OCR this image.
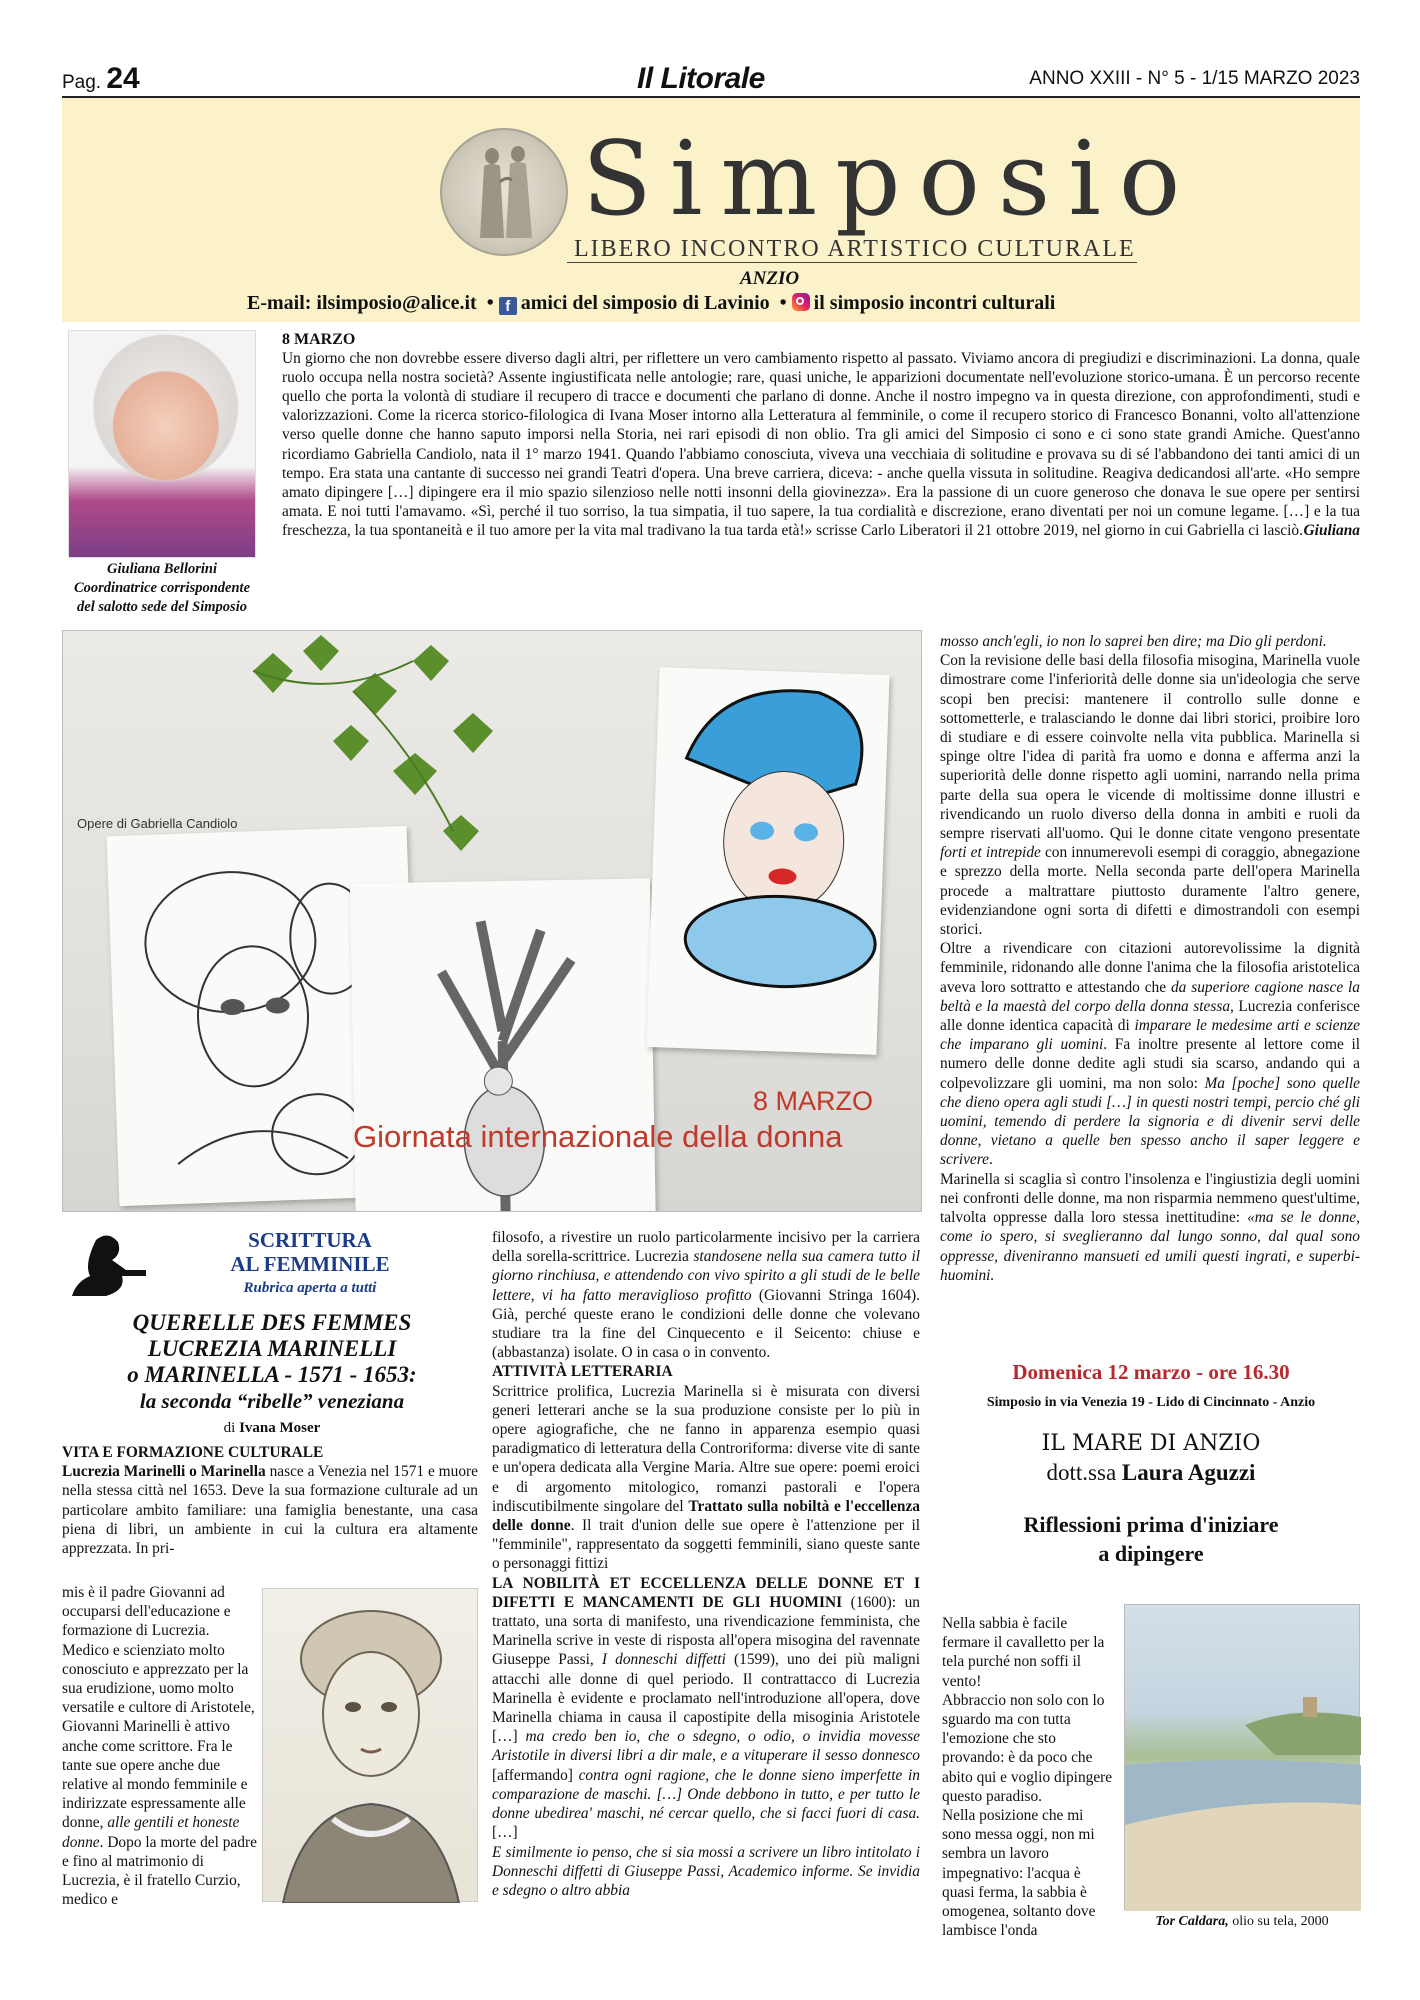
Pag. 24	Il Litorale	ANNO XXIII - N° 5 - 1/15 MARZO 2023
Simposio
LIBERO INCONTRO ARTISTICO CULTURALE
ANZIO
E-mail: ilsimposio@alice.it  • f amici del simposio di Lavinio  • il simposio incontri culturali
Giuliana Bellorini
Coordinatrice corrispondente
del salotto sede del Simposio
8 MARZO
Un giorno che non dovrebbe essere diverso dagli altri, per riflettere un vero cambiamento rispetto al passato. Viviamo ancora di pregiudizi e discriminazioni. La donna, quale ruolo occupa nella nostra società? Assente ingiustificata nelle antologie; rare, quasi uniche, le apparizioni documentate nell'evoluzione storico-umana. È un percorso recente quello che porta la volontà di studiare il recupero di tracce e documenti che parlano di donne. Anche il nostro impegno va in questa direzione, con approfondimenti, studi e valorizzazioni. Come la ricerca storico-filologica di Ivana Moser intorno alla Letteratura al femminile, o come il recupero storico di Francesco Bonanni, volto all'attenzione verso quelle donne che hanno saputo imporsi nella Storia, nei rari episodi di non oblio. Tra gli amici del Simposio ci sono e ci sono state grandi Amiche. Quest'anno ricordiamo Gabriella Candiolo, nata il 1° marzo 1941. Quando l'abbiamo conosciuta, viveva una vecchiaia di solitudine e provava su di sé l'abbandono dei tanti amici di un tempo. Era stata una cantante di successo nei grandi Teatri d'opera. Una breve carriera, diceva: - anche quella vissuta in solitudine. Reagiva dedicandosi all'arte. «Ho sempre amato dipingere […] dipingere era il mio spazio silenzioso nelle notti insonni della giovinezza». Era la passione di un cuore generoso che donava le sue opere per sentirsi amata. E noi tutti l'amavamo. «Sì, perché il tuo sorriso, la tua simpatia, il tuo sapere, la tua cordialità e discrezione, erano diventati per noi un comune legame. […] e la tua freschezza, la tua spontaneità e il tuo amore per la vita mal tradivano la tua tarda età!» scrisse Carlo Liberatori il 21 ottobre 2019, nel giorno in cui Gabriella ci lasciò. Giuliana
Opere di Gabriella Candiolo
8 MARZO
Giornata internazionale della donna
mosso anch'egli, io non lo saprei ben dire; ma Dio gli perdoni.
Con la revisione delle basi della filosofia misogina, Marinella vuole dimostrare come l'inferiorità delle donne sia un'ideologia che serve scopi ben precisi: mantenere il controllo sulle donne e sottometterle, e tralasciando le donne dai libri storici, proibire loro di studiare e di essere coinvolte nella vita pubblica. Marinella si spinge oltre l'idea di parità fra uomo e donna e afferma anzi la superiorità delle donne rispetto agli uomini, narrando nella prima parte della sua opera le vicende di moltissime donne illustri e rivendicando un ruolo diverso della donna in ambiti e ruoli da sempre riservati all'uomo. Qui le donne citate vengono presentate forti et intrepide con innumerevoli esempi di coraggio, abnegazione e sprezzo della morte. Nella seconda parte dell'opera Marinella procede a maltrattare piuttosto duramente l'altro genere, evidenziandone ogni sorta di difetti e dimostrandoli con esempi storici.
Oltre a rivendicare con citazioni autorevolissime la dignità femminile, ridonando alle donne l'anima che la filosofia aristotelica aveva loro sottratto e attestando che da superiore cagione nasce la beltà e la maestà del corpo della donna stessa, Lucrezia conferisce alle donne identica capacità di imparare le medesime arti e scienze che imparano gli uomini. Fa inoltre presente al lettore come il numero delle donne dedite agli studi sia scarso, andando qui a colpevolizzare gli uomini, ma non solo: Ma [poche] sono quelle che dieno opera agli studi […] in questi nostri tempi, percio ché gli uomini, temendo di perdere la signoria e di divenir servi delle donne, vietano a quelle ben spesso ancho il saper leggere e scrivere.
Marinella si scaglia sì contro l'insolenza e l'ingiustizia degli uomini nei confronti delle donne, ma non risparmia nemmeno quest'ultime, talvolta oppresse dalla loro stessa inettitudine: «ma se le donne, come io spero, si sveglieranno dal lungo sonno, dal qual sono oppresse, diveniranno mansueti ed umili questi ingrati, e superbi-huomini.
SCRITTURA
AL FEMMINILE
Rubrica aperta a tutti
QUERELLE DES FEMMES
LUCREZIA MARINELLI
o MARINELLA - 1571 - 1653:
la seconda “ribelle” veneziana
di Ivana Moser
VITA E FORMAZIONE CULTURALE
Lucrezia Marinelli o Marinella nasce a Venezia nel 1571 e muore nella stessa città nel 1653. Deve la sua formazione culturale ad un particolare ambito familiare: una famiglia benestante, una casa piena di libri, un ambiente in cui la cultura era altamente apprezzata. In pri-
mis è il padre Giovanni ad occuparsi dell'educazione e formazione di Lucrezia. Medico e scienziato molto conosciuto e apprezzato per la sua erudizione, uomo molto versatile e cultore di Aristotele, Giovanni Marinelli è attivo anche come scrittore. Fra le tante sue opere anche due relative al mondo femminile e indirizzate espressamente alle donne, alle gentili et honeste donne. Dopo la morte del padre e fino al matrimonio di Lucrezia, è il fratello Curzio, medico e
filosofo, a rivestire un ruolo particolarmente incisivo per la carriera della sorella-scrittrice. Lucrezia standosene nella sua camera tutto il giorno rinchiusa, e attendendo con vivo spirito a gli studi de le belle lettere, vi ha fatto meraviglioso profitto (Giovanni Stringa 1604). Già, perché queste erano le condizioni delle donne che volevano studiare tra la fine del Cinquecento e il Seicento: chiuse e (abbastanza) isolate. O in casa o in convento.
ATTIVITÀ LETTERARIA
Scrittrice prolifica, Lucrezia Marinella si è misurata con diversi generi letterari anche se la sua produzione consiste per lo più in opere agiografiche, che ne fanno in apparenza esempio quasi paradigmatico di letteratura della Controriforma: diverse vite di sante e un'opera dedicata alla Vergine Maria. Altre sue opere: poemi eroici e di argomento mitologico, romanzi pastorali e l'opera indiscutibilmente singolare del Trattato sulla nobiltà e l'eccellenza delle donne. Il trait d'union delle sue opere è l'attenzione per il "femminile", rappresentato da soggetti femminili, siano queste sante o personaggi fittizi
LA NOBILITÀ ET ECCELLENZA DELLE DONNE ET I DIFETTI E MANCAMENTI DE GLI HUOMINI (1600): un trattato, una sorta di manifesto, una rivendicazione femminista, che Marinella scrive in veste di risposta all'opera misogina del ravennate Giuseppe Passi, I donneschi diffetti (1599), uno dei più maligni attacchi alle donne di quel periodo. Il contrattacco di Lucrezia Marinella è evidente e proclamato nell'introduzione all'opera, dove Marinella chiama in causa il capostipite della misoginia Aristotele […] ma credo ben io, che o sdegno, o odio, o invidia movesse Aristotile in diversi libri a dir male, e a vituperare il sesso donnesco [affermando] contra ogni ragione, che le donne sieno imperfette in comparazione de maschi. […] Onde debbono in tutto, e per tutto le donne ubedirea' maschi, né cercar quello, che si facci fuori di casa. […]
E similmente io penso, che si sia mossi a scrivere un libro intitolato i Donneschi diffetti di Giuseppe Passi, Academico informe. Se invidia e sdegno o altro abbia
Domenica 12 marzo - ore 16.30
Simposio in via Venezia 19 - Lido di Cincinnato - Anzio
IL MARE DI ANZIO
dott.ssa Laura Aguzzi
Riflessioni prima d'iniziare
a dipingere
Nella sabbia è facile fermare il cavalletto per la tela purché non soffi il vento!
Abbraccio non solo con lo sguardo ma con tutta l'emozione che sto provando: è da poco che abito qui e voglio dipingere questo paradiso.
Nella posizione che mi sono messa oggi, non mi sembra un lavoro impegnativo: l'acqua è quasi ferma, la sabbia è omogenea, soltanto dove lambisce l'onda
Tor Caldara, olio su tela, 2000
